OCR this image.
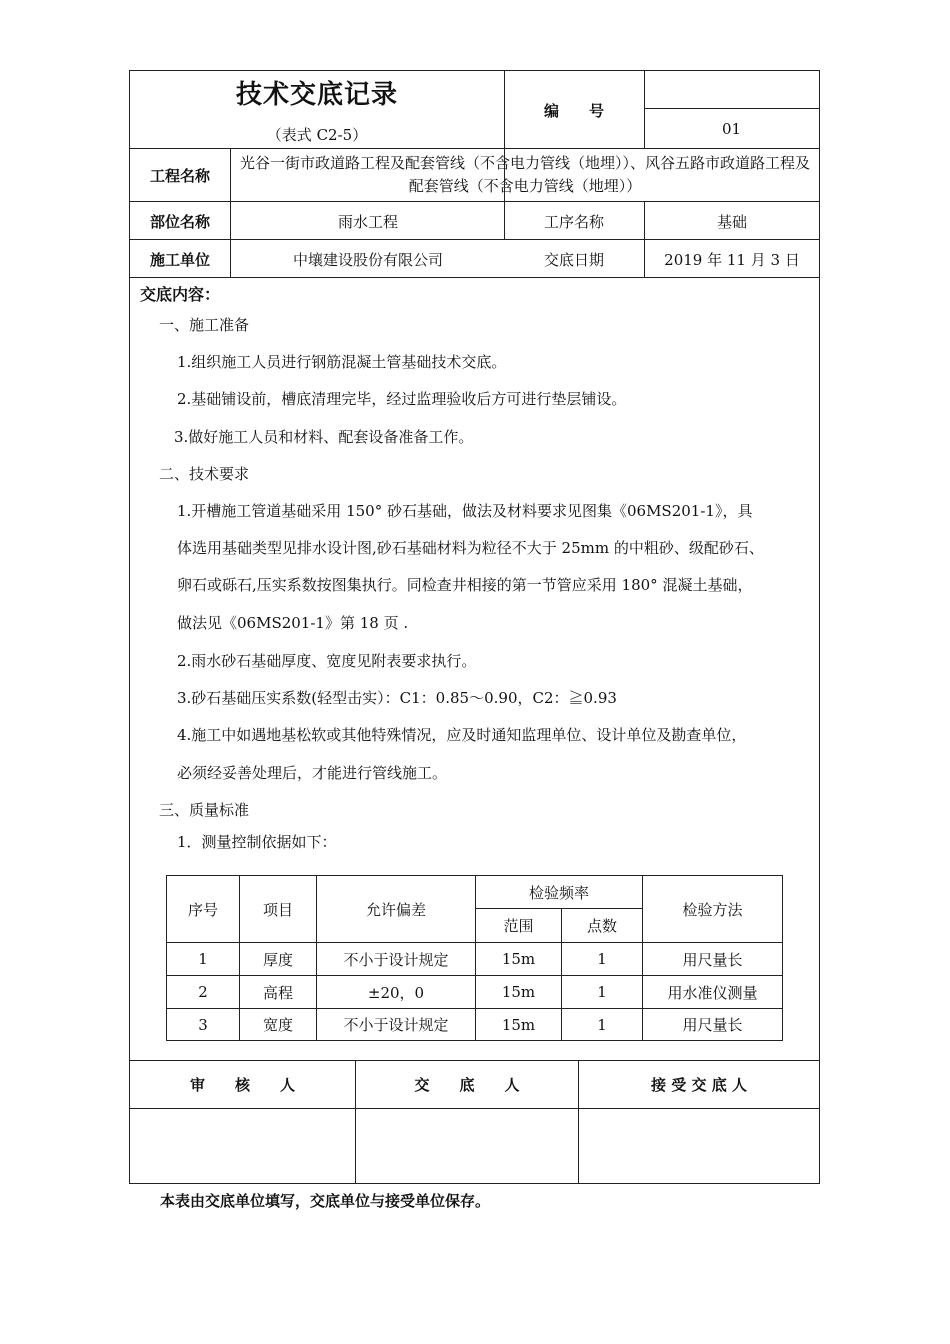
技术交底记录
（表式 C2-5）
编　　号
01
工程名称
光谷一街市政道路工程及配套管线（不含电力管线（地埋））、风谷五路市政道路工程及配套管线（不含电力管线（地埋））
部位名称	雨水工程	工序名称	基础
施工单位	中壤建设股份有限公司	交底日期	2019 年 11 月 3 日
审　　核　　人	交　　底　　人	接 受 交 底 人
交底内容：
一、施工准备
1.组织施工人员进行钢筋混凝土管基础技术交底。
2.基础铺设前，槽底清理完毕，经过监理验收后方可进行垫层铺设。
3.做好施工人员和材料、配套设备准备工作。
二、技术要求
1.开槽施工管道基础采用 150° 砂石基础，做法及材料要求见图集《06MS201-1》，具
体选用基础类型见排水设计图,砂石基础材料为粒径不大于 25mm 的中粗砂、级配砂石、
卵石或砾石,压实系数按图集执行。同检查井相接的第一节管应采用 180° 混凝土基础，
做法见《06MS201-1》第 18 页 .
2.雨水砂石基础厚度、宽度见附表要求执行。
3.砂石基础压实系数(轻型击实）：C1：0.85～0.90，C2：≧0.93
4.施工中如遇地基松软或其他特殊情况，应及时通知监理单位、设计单位及勘查单位，
必须经妥善处理后，才能进行管线施工。
三、质量标准
1．测量控制依据如下：
序号	项目	允许偏差
检验频率
范围	点数
检验方法
1	厚度	不小于设计规定	15m	1	用尺量长
2	高程	±20，0	15m	1	用水准仪测量
3	宽度	不小于设计规定	15m	1	用尺量长
本表由交底单位填写，交底单位与接受单位保存。
